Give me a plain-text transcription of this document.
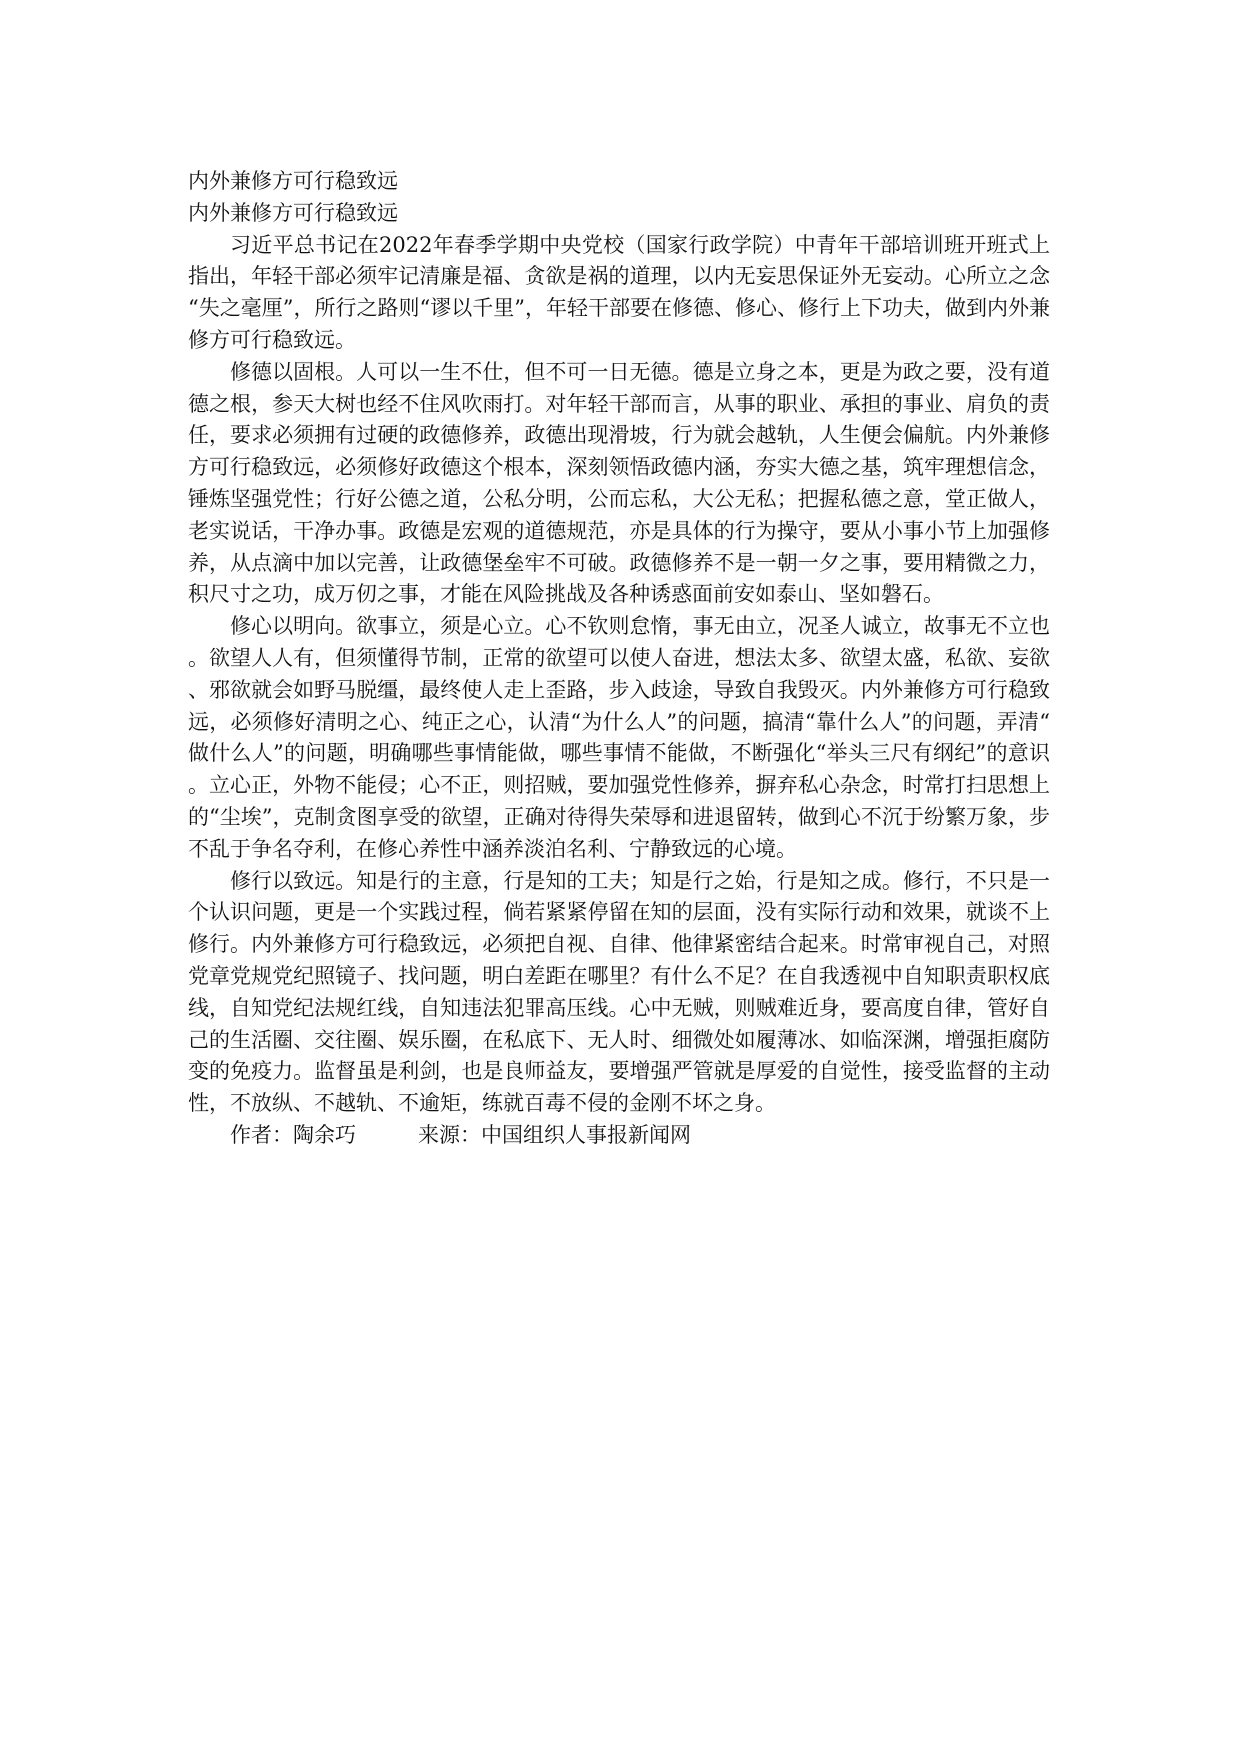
内外兼修方可行稳致远

内外兼修方可行稳致远

习近平总书记在2022年春季学期中央党校（国家行政学院）中青年干部培训班开班式上指出，年轻干部必须牢记清廉是福、贪欲是祸的道理，以内无妄思保证外无妄动。心所立之念“失之毫厘”，所行之路则“谬以千里”，年轻干部要在修德、修心、修行上下功夫，做到内外兼修方可行稳致远。

修德以固根。人可以一生不仕，但不可一日无德。德是立身之本，更是为政之要，没有道德之根，参天大树也经不住风吹雨打。对年轻干部而言，从事的职业、承担的事业、肩负的责任，要求必须拥有过硬的政德修养，政德出现滑坡，行为就会越轨，人生便会偏航。内外兼修方可行稳致远，必须修好政德这个根本，深刻领悟政德内涵，夯实大德之基，筑牢理想信念，锤炼坚强党性；行好公德之道，公私分明，公而忘私，大公无私；把握私德之意，堂正做人，老实说话，干净办事。政德是宏观的道德规范，亦是具体的行为操守，要从小事小节上加强修养，从点滴中加以完善，让政德堡垒牢不可破。政德修养不是一朝一夕之事，要用精微之力，积尺寸之功，成万仞之事，才能在风险挑战及各种诱惑面前安如泰山、坚如磐石。

修心以明向。欲事立，须是心立。心不钦则怠惰，事无由立，况圣人诚立，故事无不立也。欲望人人有，但须懂得节制，正常的欲望可以使人奋进，想法太多、欲望太盛，私欲、妄欲、邪欲就会如野马脱缰，最终使人走上歪路，步入歧途，导致自我毁灭。内外兼修方可行稳致远，必须修好清明之心、纯正之心，认清“为什么人”的问题，搞清“靠什么人”的问题，弄清“做什么人”的问题，明确哪些事情能做，哪些事情不能做，不断强化“举头三尺有纲纪”的意识。立心正，外物不能侵；心不正，则招贼，要加强党性修养，摒弃私心杂念，时常打扫思想上的“尘埃”，克制贪图享受的欲望，正确对待得失荣辱和进退留转，做到心不沉于纷繁万象，步不乱于争名夺利，在修心养性中涵养淡泊名利、宁静致远的心境。

修行以致远。知是行的主意，行是知的工夫；知是行之始，行是知之成。修行，不只是一个认识问题，更是一个实践过程，倘若紧紧停留在知的层面，没有实际行动和效果，就谈不上修行。内外兼修方可行稳致远，必须把自视、自律、他律紧密结合起来。时常审视自己，对照党章党规党纪照镜子、找问题，明白差距在哪里？有什么不足？在自我透视中自知职责职权底线，自知党纪法规红线，自知违法犯罪高压线。心中无贼，则贼难近身，要高度自律，管好自己的生活圈、交往圈、娱乐圈，在私底下、无人时、细微处如履薄冰、如临深渊，增强拒腐防变的免疫力。监督虽是利剑，也是良师益友，要增强严管就是厚爱的自觉性，接受监督的主动性，不放纵、不越轨、不逾矩，练就百毒不侵的金刚不坏之身。

作者：陶余巧	来源：中国组织人事报新闻网
